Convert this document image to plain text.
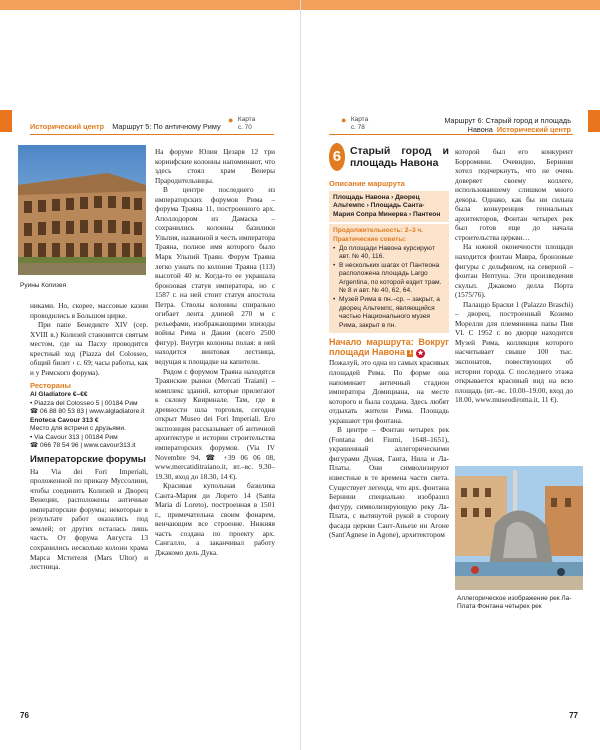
Исторический центр Маршрут 5: По античному Риму
● Карта
с. 70
Руины Колизея

никами. Но, скорее, массовые казни проводились в Большом цирке.

При папе Бенедикте XIV (сер. XVIII в.) Колизей становится святым местом, где на Пасху проводится крестный ход (Piazza del Colosseo, общий билет › с. 69; часы работы, как и у Римского форума).

Рестораны
Al Gladiatore €–€€
• Piazza del Colosseo 5 | 00184 Рим
☎ 06 88 80 53 83 | www.algladiatore.it
Enoteca Cavour 313 €
Место для встречи с друзьями.
• Via Cavour 313 | 00184 Рим
☎ 066 78 54 96 | www.cavour313.it
Императорские форумы

На Via dei Fori Imperiali, проложенной по приказу Муссолини, чтобы соединить Колизей и Дворец Венеции, расположены античные императорские форумы; некоторые в результате работ оказались под землей; от других осталась лишь часть. От форума Августа 13 сохранились несколько колонн храма Марса Мстителя (Mars Ultor) и лестница.

На форуме Юлия Цезаря 12 три коринфские колонны напоминают, что здесь стоял храм Венеры Прародительницы.

В центре последнего из императорских форумов Рима – форума Траяна 11, построенного арх. Аполлодором из Дамаска – сохранились колонны базилики Ульпия, названной в честь императора Траяна, полное имя которого было Марк Ульпий Траян. Форум Траяна легко узнать по колонне Траяна (113) высотой 40 м. Когда-то ее украшала бронзовая статуя императора, но с 1587 г. на ней стоит статуя апостола Петра. Стволы колонны спирально огибает лента длиной 270 м с рельефами, изображающими эпизоды войны Рима и Дакии (всего 2500 фигур). Внутри колонны полая: в ней находится винтовая лестница, ведущая к площадке на капители.

Рядом с форумом Траяна находятся Траянские рынки (Mercati Traiani) – комплекс зданий, которые прилегают к склону Квиринале. Там, где в древности шла торговля, сегодня открыт Museo dei Fori Imperiali. Его экспозиция рассказывает об античной архитектуре и истории строительства императорских форумов. (Via IV Novembre 94, ☎ +39 06 06 08, www.mercatiditraiano.it, вт.–вс. 9.30–19.30, вход до 18.30, 14 €).

Красивая купольная базилика Санта-Мария ди Лорето 14 (Santa Maria di Loreto), построенная в 1501 г., примечательна своим фонарем, венчающим все строение. Нижняя часть создана по проекту арх. Сангалло, а заканчивал работу Джакомо дель Дука.

76
● Карта
с. 78
Маршрут 6: Старый город и площадь
Навона Исторический центр
6 Старый город и площадь Навона
Описание маршрута
Площадь Навона › Дворец Альтемпс › Площадь Санта-Мария Сопра Минерва › Пантеон
Продолжительность: 2–3 ч.
Практические советы:
• До площади Навона курсируют авт. № 40, 116.
• В нескольких шагах от Пантеона расположена площадь Largo Argentina, по которой ездит трам. № 8 и авт. № 40, 62, 64.
• Музей Рима в пн.–ср. – закрыт, а дворец Альтемпс, являющийся частью Национального музея Рима, закрыт в пн.
Начало маршрута: Вокруг площади Навона 1 ★

Пожалуй, это одна из самых красивых площадей Рима. По форме она напоминает античный стадион императора Домициана, на месте которого и была создана. Здесь любят отдыхать жители Рима. Площадь украшают три фонтана.

В центре – Фонтан четырех рек (Fontana dei Fiumi, 1648–1651), украшенный аллегорическими фигурами Дуная, Ганга, Нила и Ла-Платы. Они символизируют известные в те времена части света. Существует легенда, что арх. фонтана Бернини специально изобразил фигуру, символизирующую реку Ла-Плата, с вытянутой рукой в сторону фасада церкви Сант-Аньезе ин Агоне (Sant'Agnese in Agone), архитектором

которой был его конкурент Борромини. Очевидно, Бернини хотел подчеркнуть, что не очень доверяет своему коллеге, использовавшему слишком много декора. Однако, как бы ни сильна была конкуренция гениальных архитекторов, Фонтан четырех рек был готов еще до начала строительства церкви…

На южной оконечности площади находится фонтан Мавра, бронзовые фигуры с дельфином, на северной – фонтан Нептуна. Эти произведения скульп. Джакомо делла Порта (1575/76).

Палаццо Браски 1 (Palazzo Braschi) – дворец, построенный Козимо Морелли для племянника папы Пия VI. С 1952 г. во дворце находится Музей Рима, коллекция которого насчитывает свыше 100 тыс. экспонатов, повествующих об истории города. С последнего этажа открывается красивый вид на всю площадь (вт.–вс. 10.00–19.00, вход до 18.00, www.museodiroma.it, 11 €).

Аллегорическое изображение рек Ла-Плата Фонтана четырех рек
77
